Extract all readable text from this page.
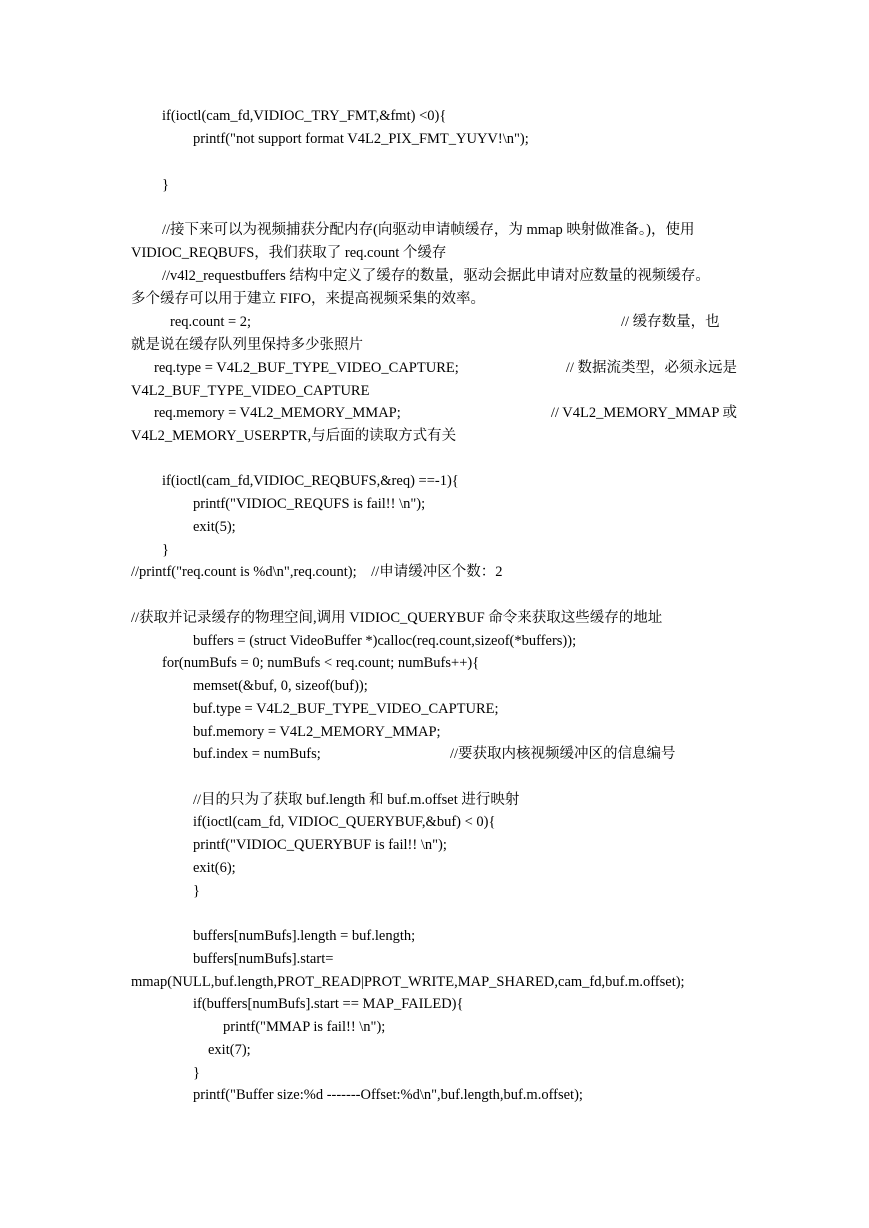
if(ioctl(cam_fd,VIDIOC_TRY_FMT,&fmt) <0){
printf("not support format V4L2_PIX_FMT_YUYV!\n");
}
//接下来可以为视频捕获分配内存(向驱动申请帧缓存，为 mmap 映射做准备。)，使用
VIDIOC_REQBUFS，我们获取了 req.count 个缓存
//v4l2_requestbuffers 结构中定义了缓存的数量，驱动会据此申请对应数量的视频缓存。
多个缓存可以用于建立 FIFO，来提高视频采集的效率。
req.count = 2;	// 缓存数量，也
就是说在缓存队列里保持多少张照片
req.type = V4L2_BUF_TYPE_VIDEO_CAPTURE;	// 数据流类型，必须永远是
V4L2_BUF_TYPE_VIDEO_CAPTURE
req.memory = V4L2_MEMORY_MMAP;	// V4L2_MEMORY_MMAP 或
V4L2_MEMORY_USERPTR,与后面的读取方式有关
if(ioctl(cam_fd,VIDIOC_REQBUFS,&req) ==-1){
printf("VIDIOC_REQUFS is fail!! \n");
exit(5);
}
//printf("req.count is %d\n",req.count);    //申请缓冲区个数：2
//获取并记录缓存的物理空间,调用 VIDIOC_QUERYBUF 命令来获取这些缓存的地址
buffers = (struct VideoBuffer *)calloc(req.count,sizeof(*buffers));
for(numBufs = 0; numBufs < req.count; numBufs++){
memset(&buf, 0, sizeof(buf));
buf.type = V4L2_BUF_TYPE_VIDEO_CAPTURE;
buf.memory = V4L2_MEMORY_MMAP;
buf.index = numBufs;	//要获取内核视频缓冲区的信息编号
//目的只为了获取 buf.length 和 buf.m.offset 进行映射
if(ioctl(cam_fd, VIDIOC_QUERYBUF,&buf) < 0){
printf("VIDIOC_QUERYBUF is fail!! \n");
exit(6);
}
buffers[numBufs].length = buf.length;
buffers[numBufs].start=
mmap(NULL,buf.length,PROT_READ|PROT_WRITE,MAP_SHARED,cam_fd,buf.m.offset);
if(buffers[numBufs].start == MAP_FAILED){
printf("MMAP is fail!! \n");
exit(7);
}
printf("Buffer size:%d -------Offset:%d\n",buf.length,buf.m.offset);
